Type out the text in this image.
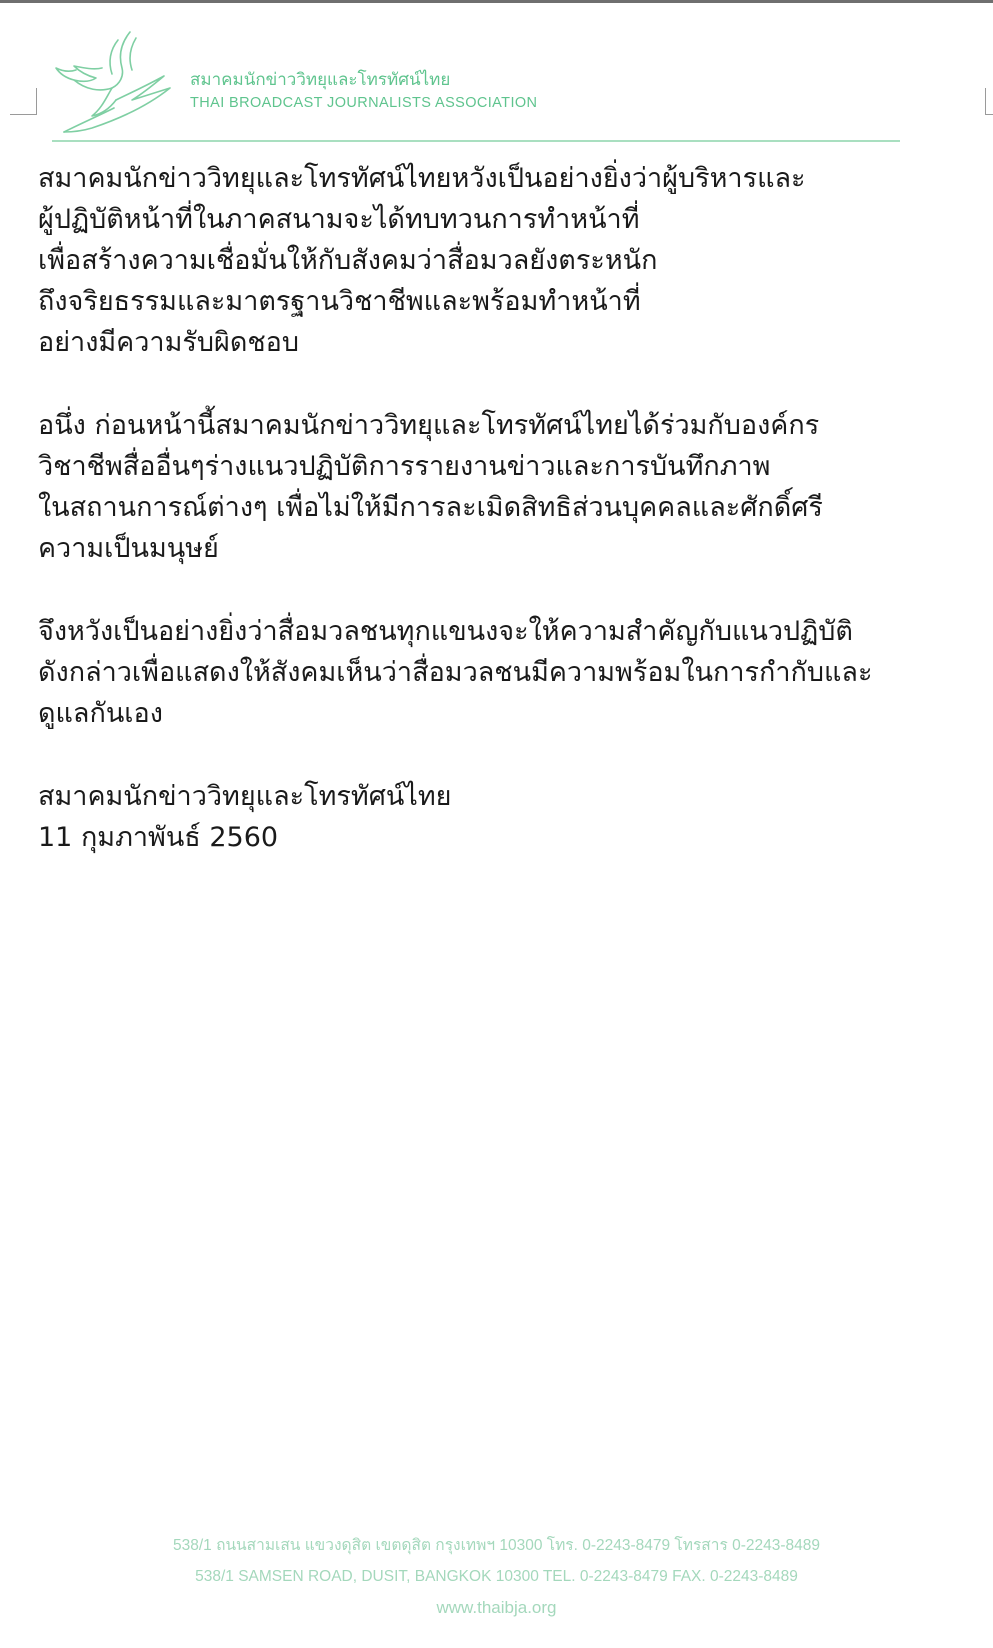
สมาคมนักข่าววิทยุและโทรทัศน์ไทย
THAI BROADCAST JOURNALISTS ASSOCIATION
สมาคมนักข่าววิทยุและโทรทัศน์ไทยหวังเป็นอย่างยิ่งว่าผู้บริหารและ
ผู้ปฏิบัติหน้าที่ในภาคสนามจะได้ทบทวนการทำหน้าที่
เพื่อสร้างความเชื่อมั่นให้กับสังคมว่าสื่อมวลยังตระหนัก
ถึงจริยธรรมและมาตรฐานวิชาชีพและพร้อมทำหน้าที่
อย่างมีความรับผิดชอบ
อนึ่ง ก่อนหน้านี้สมาคมนักข่าววิทยุและโทรทัศน์ไทยได้ร่วมกับองค์กร
วิชาชีพสื่ออื่นๆร่างแนวปฏิบัติการรายงานข่าวและการบันทึกภาพ
ในสถานการณ์ต่างๆ เพื่อไม่ให้มีการละเมิดสิทธิส่วนบุคคลและศักดิ์ศรี
ความเป็นมนุษย์
จึงหวังเป็นอย่างยิ่งว่าสื่อมวลชนทุกแขนงจะให้ความสำคัญกับแนวปฏิบัติ
ดังกล่าวเพื่อแสดงให้สังคมเห็นว่าสื่อมวลชนมีความพร้อมในการกำกับและ
ดูแลกันเอง
สมาคมนักข่าววิทยุและโทรทัศน์ไทย
11 กุมภาพันธ์ 2560
538/1 ถนนสามเสน แขวงดุสิต เขตดุสิต กรุงเทพฯ 10300 โทร. 0-2243-8479 โทรสาร 0-2243-8489
538/1 SAMSEN ROAD, DUSIT, BANGKOK 10300 TEL. 0-2243-8479 FAX. 0-2243-8489
www.thaibja.org
